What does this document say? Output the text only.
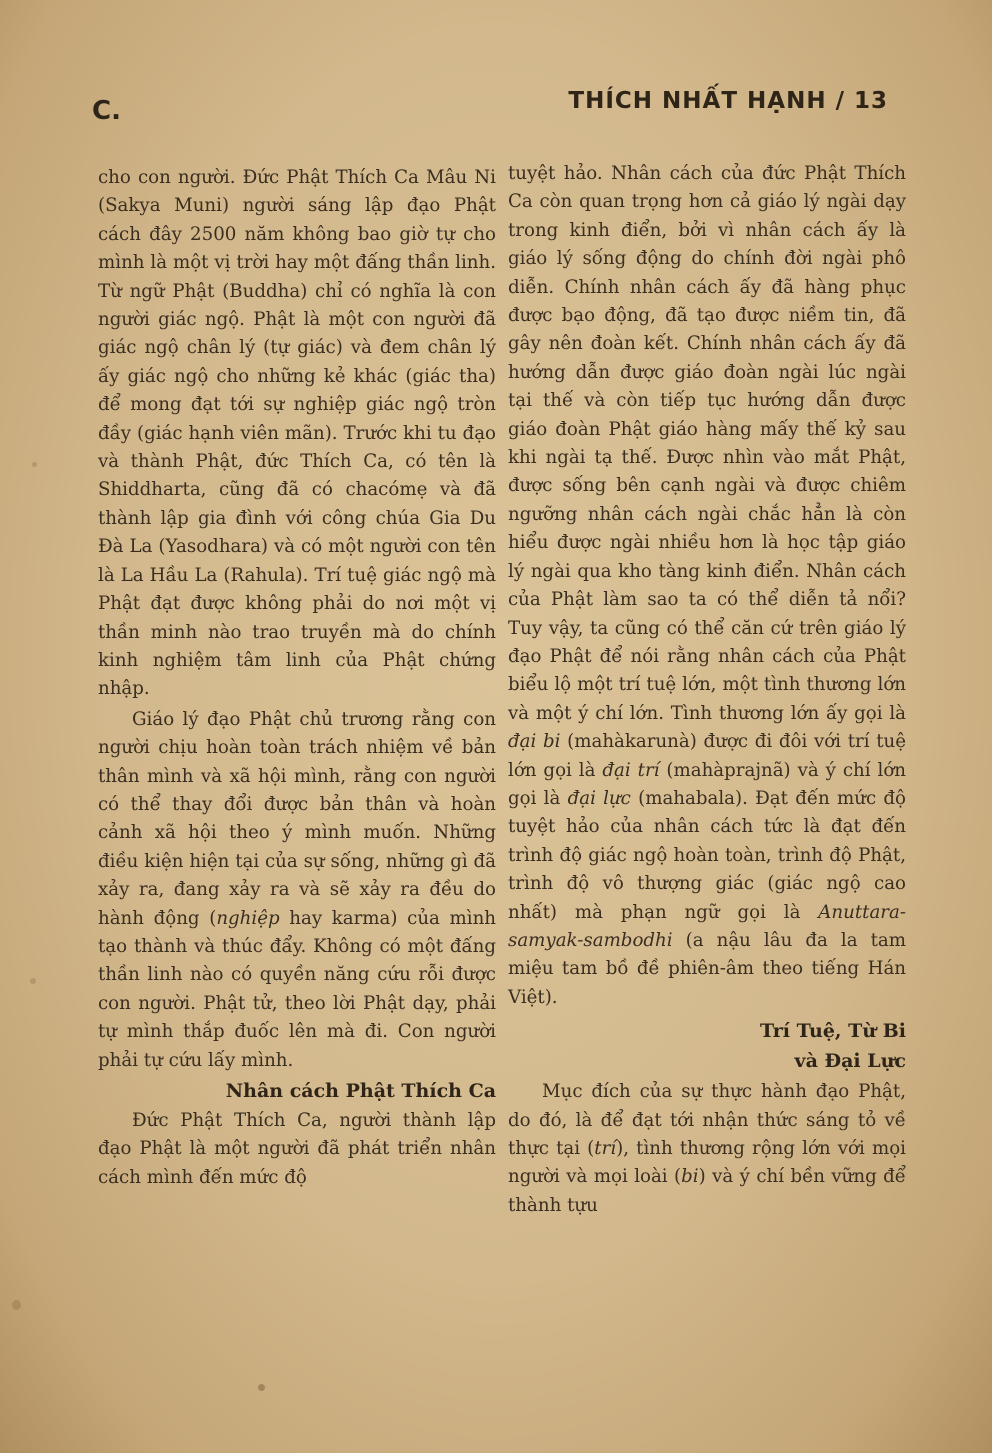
C.	THÍCH NHẤT HẠNH / 13

cho con người. Đức Phật Thích Ca Mâu Ni (Sakya Muni) người sáng lập đạo Phật cách đây 2500 năm không bao giờ tự cho mình là một vị trời hay một đấng thần linh. Từ ngữ Phật (Buddha) chỉ có nghĩa là con người giác ngộ. Phật là một con người đã giác ngộ chân lý (tự giác) và đem chân lý ấy giác ngộ cho những kẻ khác (giác tha) để mong đạt tới sự nghiệp giác ngộ tròn đầy (giác hạnh viên mãn). Trước khi tu đạo và thành Phật, đức Thích Ca, có tên là Shiddharta, cũng đã có chacómẹ và đã thành lập gia đình với công chúa Gia Du Đà La (Yasodhara) và có một người con tên là La Hầu La (Rahula). Trí tuệ giác ngộ mà Phật đạt được không phải do nơi một vị thần minh nào trao truyền mà do chính kinh nghiệm tâm linh của Phật chứng nhập.

Giáo lý đạo Phật chủ trương rằng con người chịu hoàn toàn trách nhiệm về bản thân mình và xã hội mình, rằng con người có thể thay đổi được bản thân và hoàn cảnh xã hội theo ý mình muốn. Những điều kiện hiện tại của sự sống, những gì đã xảy ra, đang xảy ra và sẽ xảy ra đều do hành động (nghiệp hay karma) của mình tạo thành và thúc đẩy. Không có một đấng thần linh nào có quyền năng cứu rỗi được con người. Phật tử, theo lời Phật dạy, phải tự mình thắp đuốc lên mà đi. Con người phải tự cứu lấy mình.

Nhân cách Phật Thích Ca

Đức Phật Thích Ca, người thành lập đạo Phật là một người đã phát triển nhân cách mình đến mức độ

tuyệt hảo. Nhân cách của đức Phật Thích Ca còn quan trọng hơn cả giáo lý ngài dạy trong kinh điển, bởi vì nhân cách ấy là giáo lý sống động do chính đời ngài phô diễn. Chính nhân cách ấy đã hàng phục được bạo động, đã tạo được niềm tin, đã gây nên đoàn kết. Chính nhân cách ấy đã hướng dẫn được giáo đoàn ngài lúc ngài tại thế và còn tiếp tục hướng dẫn được giáo đoàn Phật giáo hàng mấy thế kỷ sau khi ngài tạ thế. Được nhìn vào mắt Phật, được sống bên cạnh ngài và được chiêm ngưỡng nhân cách ngài chắc hẳn là còn hiểu được ngài nhiều hơn là học tập giáo lý ngài qua kho tàng kinh điển. Nhân cách của Phật làm sao ta có thể diễn tả nổi? Tuy vậy, ta cũng có thể căn cứ trên giáo lý đạo Phật để nói rằng nhân cách của Phật biểu lộ một trí tuệ lớn, một tình thương lớn và một ý chí lớn. Tình thương lớn ấy gọi là đại bi (mahàkarunà) được đi đôi với trí tuệ lớn gọi là đại trí (mahàprajnã) và ý chí lớn gọi là đại lực (mahabala). Đạt đến mức độ tuyệt hảo của nhân cách tức là đạt đến trình độ giác ngộ hoàn toàn, trình độ Phật, trình độ vô thượng giác (giác ngộ cao nhất) mà phạn ngữ gọi là Anuttara-samyak-sambodhi (a nậu lâu đa la tam miệu tam bồ đề phiên-âm theo tiếng Hán Việt).

Trí Tuệ, Từ Bi
và Đại Lực

Mục đích của sự thực hành đạo Phật, do đó, là để đạt tới nhận thức sáng tỏ về thực tại (trí), tình thương rộng lớn với mọi người và mọi loài (bi) và ý chí bền vững để thành tựu
